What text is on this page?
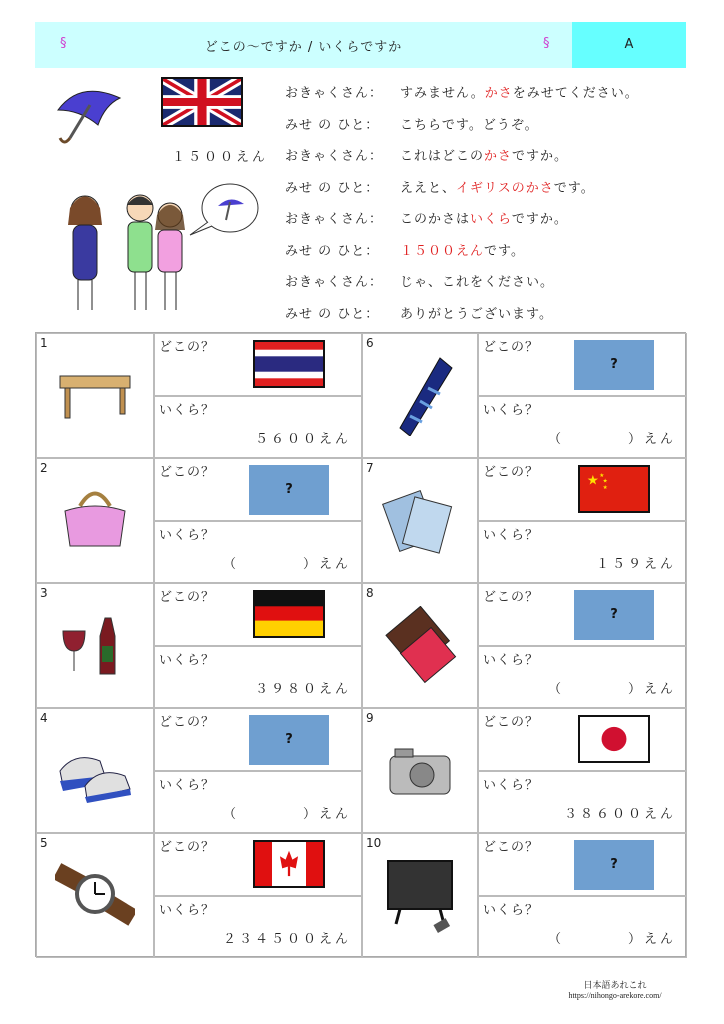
§	どこの～ですか / いくらですか	§	A
１５００えん
おきゃくさん： すみません。かさをみせてください。
みせ の ひと： こちらです。どうぞ。
おきゃくさん： これはどこのかさですか。
みせ の ひと： ええと、イギリスのかさです。
おきゃくさん： このかさはいくらですか。
みせ の ひと： １５００えんです。
おきゃくさん： じゃ、これをください。
みせ の ひと： ありがとうございます。
1	どこの？
いくら？
５６００えん
2	どこの？
?
いくら？
（　　　　）えん
3	どこの？
いくら？
３９８０えん
4	どこの？
?
いくら？
（　　　　）えん
5	どこの？
いくら？
２３４５００えん
6	どこの？
?
いくら？
（　　　　）えん
7	どこの？
★ ★
★
★
いくら？
１５９えん
8	どこの？
?
いくら？
（　　　　）えん
9	どこの？
いくら？
３８６００えん
10	どこの？
?
いくら？
（　　　　）えん
日本語あれこれ
https://nihongo-arekore.com/
